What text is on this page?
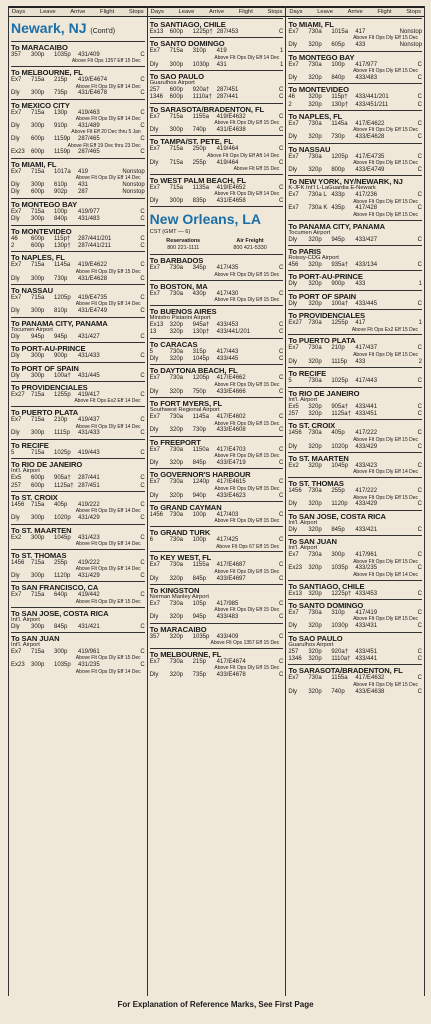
Days	Leave	Arrive	Flight	Stops
Newark, NJ (Cont'd)
To MARACAIBO
357	300p	1035p	431/409	C
Above Flt Ops 1357 Eff 15 Dec
To MELBOURNE, FL
Ex7	715a	215p	419/E4674	C
Above Flt Ops Dly Eff 14 Dec
Dly	300p	735p	431/E4678	C
To MEXICO CITY
Ex7	715a	130p	419/463	C
Above Flt Ops Dly Eff 14 Dec
Dly	300p	910p	431/489	C
Above Flt Eff 20 Dec thru 5 Jan
Dly	600p	1159p	287/465	C
Above Flt Eff 19 Dec thru 23 Dec
Ex23	600p	1159p	287/465	C
To MIAMI, FL
Ex7	715a	1017a	419	Nonstop
Above Flt Ops Dly Eff 14 Dec
Dly	300p	610p	431	Nonstop
Dly	600p	902p	287	Nonstop
To MONTEGO BAY
Ex7	715a	100p	419/977	C
Dly	300p	840p	431/483	C
To MONTEVIDEO
46	600p	115p†	287/441/201	C
2	600p	130p†	287/441/211	C
To NAPLES, FL
Ex7	715a	1145a	419/E4622	C
Above Flt Ops Dly Eff 15 Dec
Dly	300p	730p	431/E4628	C
To NASSAU
Ex7	715a	1205p	419/E4735	C
Above Flt Ops Dly Eff 14 Dec
Dly	300p	810p	431/E4749	C
To PANAMA CITY, PANAMA
Tocumen Airport
Dly	945p	945p	431/427	C
To PORT-AU-PRINCE
Dly	300p	900p	431/433	C
To PORT OF SPAIN
Dly	300p	100a†	431/445	C
To PROVIDENCIALES
Ex27	715a	1255p	419/417	C
Above Flt Ops Ex2 Eff 14 Dec
To PUERTO PLATA
Ex7	715a	210p	419/437	C
Above Flt Ops Dly Eff 14 Dec
Dly	300p	1115p	431/433	C
To RECIFE
5	715a	1025p	419/443	C
To RIO DE JANEIRO
Int'l. Airport
Ex5	600p	905a†	287/441	C
257	600p	1125a† 287/451	C
To ST. CROIX
1456	715a	405p	419/222	C
Above Flt Ops Dly Eff 14 Dec
Dly	300p	1020p	431/429	C
To ST. MAARTEN
Ex2	300p	1045p	431/423	C
Above Flt Ops Dly Eff 14 Dec
To ST. THOMAS
1456	715a	255p	419/222	C
Above Flt Ops Dly Eff 14 Dec
Dly	300p	1120p	431/429	C
To SAN FRANCISCO, CA
Ex7	715a	640p	419/442	C
Above Flt Ops Dly Eff 15 Dec
To SAN JOSE, COSTA RICA
Int'l. Airport
Dly	300p	845p	431/421	C
To SAN JUAN
Int'l. Airport
Ex7	715a	300p	419/961	C
Above Flt Ops Dly Eff 15 Dec
Ex23	300p	1035p	431/235	C
Above Flt Ops Dly Eff 14 Dec
Days	Leave	Arrive	Flight	Stops
To SANTIAGO, CHILE
Ex13	600p	1225p† 287/453	C
To SANTO DOMINGO
Ex7	715a	310p	419	1
Above Flt Ops Dly Eff 14 Dec
Dly	300p	1030p	431	1
To SAO PAULO
Guarulhos Airport
257	600p	920a†	287/451	C
1346	600p	1110a† 287/441	C
To SARASOTA/BRADENTON, FL
Ex7	715a	1155a	419/E4632	C
Above Flt Ops Dly Eff 15 Dec
Dly	300p	740p	431/E4638	C
To TAMPA/ST. PETE, FL
Ex7	715a	250p	419/464	C
Above Flt Ops Dly Eff Aft 14 Dec
Dly	715a	255p	419/464	C
Above Flt Eff 15 Dec
To WEST PALM BEACH, FL
Ex7	715a	1135a	419/E4652	C
Above Flt Ops Dly Eff 14 Dec
Dly	300p	835p	431/E4658	C
New Orleans, LA
CST (GMT — 6)
Reservations
800 221-1111
Air Freight
800 421-5330
To BARBADOS
Ex7	730a	345p	417/435	C
Above Flt Ops Dly Eff 15 Dec
To BOSTON, MA
Ex7	730a	430p	417/430	C
Above Flt Ops Dly Eff 15 Dec
To BUENOS AIRES
Ministro Pistarini Airport
Ex13	320p	945a†	433/453	C
13	320p	130p†	433/441/201	C
To CARACAS
5	730a	315p	417/443	C
Dly	320p	1045p	433/445	C
To DAYTONA BEACH, FL
Ex7	730a	1205p	417/E4662	C
Above Flt Ops Dly Eff 15 Dec
Dly	320p	750p	433/E4666	C
To FORT MYERS, FL
Southwest Regional Airport
Ex7	730a	1145a	417/E4602	C
Above Flt Ops Dly Eff 15 Dec
Dly	320p	730p	433/E4608	C
To FREEPORT
Ex7	730a	1150a	417/E4703	C
Above Flt Ops Dly Eff 15 Dec
Dly	320p	845p	433/E4719	C
To GOVERNOR'S HARBOUR
Ex7	730a	1240p	417/E4615	C
Above Flt Ops Dly Eff 15 Dec
Dly	320p	940p	433/E4623	C
To GRAND CAYMAN
1456	730a	100p	417/403	C
Above Flt Ops Dly Eff 15 Dec
To GRAND TURK
6	730a	100p	417/425	C
Above Flt Ops 67 Eff 15 Dec
To KEY WEST, FL
Ex7	730a	1155a	417/E4687	C
Above Flt Ops Dly Eff 15 Dec
Dly	320p	845p	433/E4697	C
To KINGSTON
Norman Manley Airport
Ex7	730a	105p	417/985	C
Above Flt Ops Dly Eff 15 Dec
Dly	320p	945p	433/483	C
To MARACAIBO
357	320p	1035p	433/409	C
Above Flt Ops 1357 Eff 15 Dec
To MELBOURNE, FL
Ex7	730a	215p	417/E4674	C
Above Flt Ops Dly Eff 15 Dec
Dly	320p	735p	433/E4678	C
Days	Leave	Arrive	Flight	Stops
To MIAMI, FL
Ex7	730a	1015a	417	Nonstop
Above Flt Ops Dly Eff 15 Dec
Dly	320p	605p	433	Nonstop
To MONTEGO BAY
Ex7	730a	100p	417/977	C
Above Flt Ops Dly Eff 15 Dec
Dly	320p	840p	433/483	C
To MONTEVIDEO
46	320p	115p†	433/441/201	C
2	320p	130p†	433/451/211	C
To NAPLES, FL
Ex7	730a	1145a	417/E4622	C
Above Flt Ops Dly Eff 15 Dec
Dly	320p	730p	433/E4628	C
To NASSAU
Ex7	730a	1205p	417/E4735	C
Above Flt Ops Dly Eff 15 Dec
Dly	320p	800p	433/E4749	C
To NEW YORK, NY/NEWARK, NJ
K-JFK Int'l L-LaGuardia E-Newark
Ex7	730a L 433p	417/236	C
Above Flt Ops Dly Eff 15 Dec
Ex7	730a K 435p	417/428	C
Above Flt Ops Dly Eff 15 Dec
To PANAMA CITY, PANAMA
Tocumen Airport
Dly	320p	945p	433/427	C
To PARIS
Roissy-CDG Airport
456	320p	935a†	433/134	C
To PORT-AU-PRINCE
Dly	320p	900p	433	1
To PORT OF SPAIN
Dly	320p	100a†	433/445	C
To PROVIDENCIALES
Ex27	730a	1255p	417	1
Above Flt Ops Ex2 Eff 15 Dec
To PUERTO PLATA
Ex7	730a	210p	417/437	C
Above Flt Ops Dly Eff 15 Dec
Dly	320p	1115p	433	2
To RECIFE
5	730a	1025p	417/443	C
To RIO DE JANEIRO
Int'l. Airport
Ex5	320p	905a†	433/441	C
257	320p	1125a† 433/451	C
To ST. CROIX
1456	730a	405p	417/222	C
Above Flt Ops Dly Eff 15 Dec
Dly	320p	1020p	433/429	C
To ST. MAARTEN
Ex2	320p	1045p	433/423	C
Above Flt Ops Dly Eff 14 Dec
To ST. THOMAS
1456	730a	255p	417/222	C
Above Flt Ops Dly Eff 15 Dec
Dly	320p	1120p	433/429	C
To SAN JOSE, COSTA RICA
Int'l. Airport
Dly	320p	845p	433/421	C
To SAN JUAN
Int'l. Airport
Ex7	730a	300p	417/961	C
Above Flt Ops Dly Eff 15 Dec
Ex23	320p	1035p	433/235	C
Above Flt Ops Dly Eff 14 Dec
To SANTIAGO, CHILE
Ex13	320p	1225p† 433/453	C
To SANTO DOMINGO
Ex7	730a	310p	417/419	C
Above Flt Ops Dly Eff 15 Dec
Dly	320p	1030p	433/431	C
To SAO PAULO
Guarulhos Airport
257	320p	920a†	433/451	C
1346	320p	1110a† 433/441	C
To SARASOTA/BRADENTON, FL
Ex7	730a	1155a	417/E4632	C
Above Flt Ops Dly Eff 15 Dec
Dly	320p	740p	433/E4638	C
For Explanation of Reference Marks, See First Page
